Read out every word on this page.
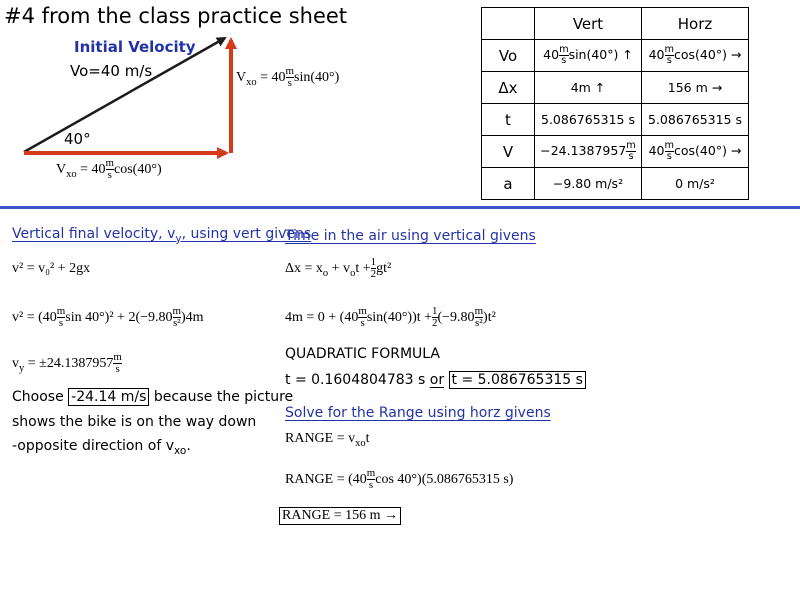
#4 from the class practice sheet
Initial Velocity
Vo=40 m/s
40°
$V_{xo} = 40 \frac{m}{s} \sin(40^\circ)$
$V_{xo} = 40 \frac{m}{s} \cos(40^\circ)$
	Vert	Horz
Vo	$40 \frac{m}{s} \sin(40^\circ)$ ↑	$40 \frac{m}{s} \cos(40^\circ)$ →
Δx	4m ↑	156 m →
t	5.086765315 s	5.086765315 s
V	$-24.1387957 \frac{m}{s}$	$40 \frac{m}{s} \cos(40^\circ)$ →
a	−9.80 m/s²	0 m/s²
Vertical final velocity, $v_y$, using vert givens
v² = v₀² + 2gx
$v^2 = (40 \frac{m}{s}$ $\sin 40^\circ)^2 + 2(-9.80 \frac{m}{\text{s²}} )4m$
$v_y = \pm 24.1387957 \frac{m}{s}$
Choose -24.14 m/s because the picture
shows the bike is on the way down
-opposite direction of $v_{xo}$.
Time in the air using vertical givens
$\Delta x = x_o + v_ot + \frac{1}{2} gt^2$
$4m = 0 + (40 \frac{m}{s} \sin(40^\circ))t + \frac{1}{2} (-9.80 \frac{m}{\text{s²}} )t^2$
QUADRATIC FORMULA
t = 0.1604804783 s or t = 5.086765315 s
Solve for the Range using horz givens
RANGE = $v_{xo}t$
RANGE = ($40 \frac{m}{s}$ cos 40°)(5.086765315 s)
RANGE = 156 m →
